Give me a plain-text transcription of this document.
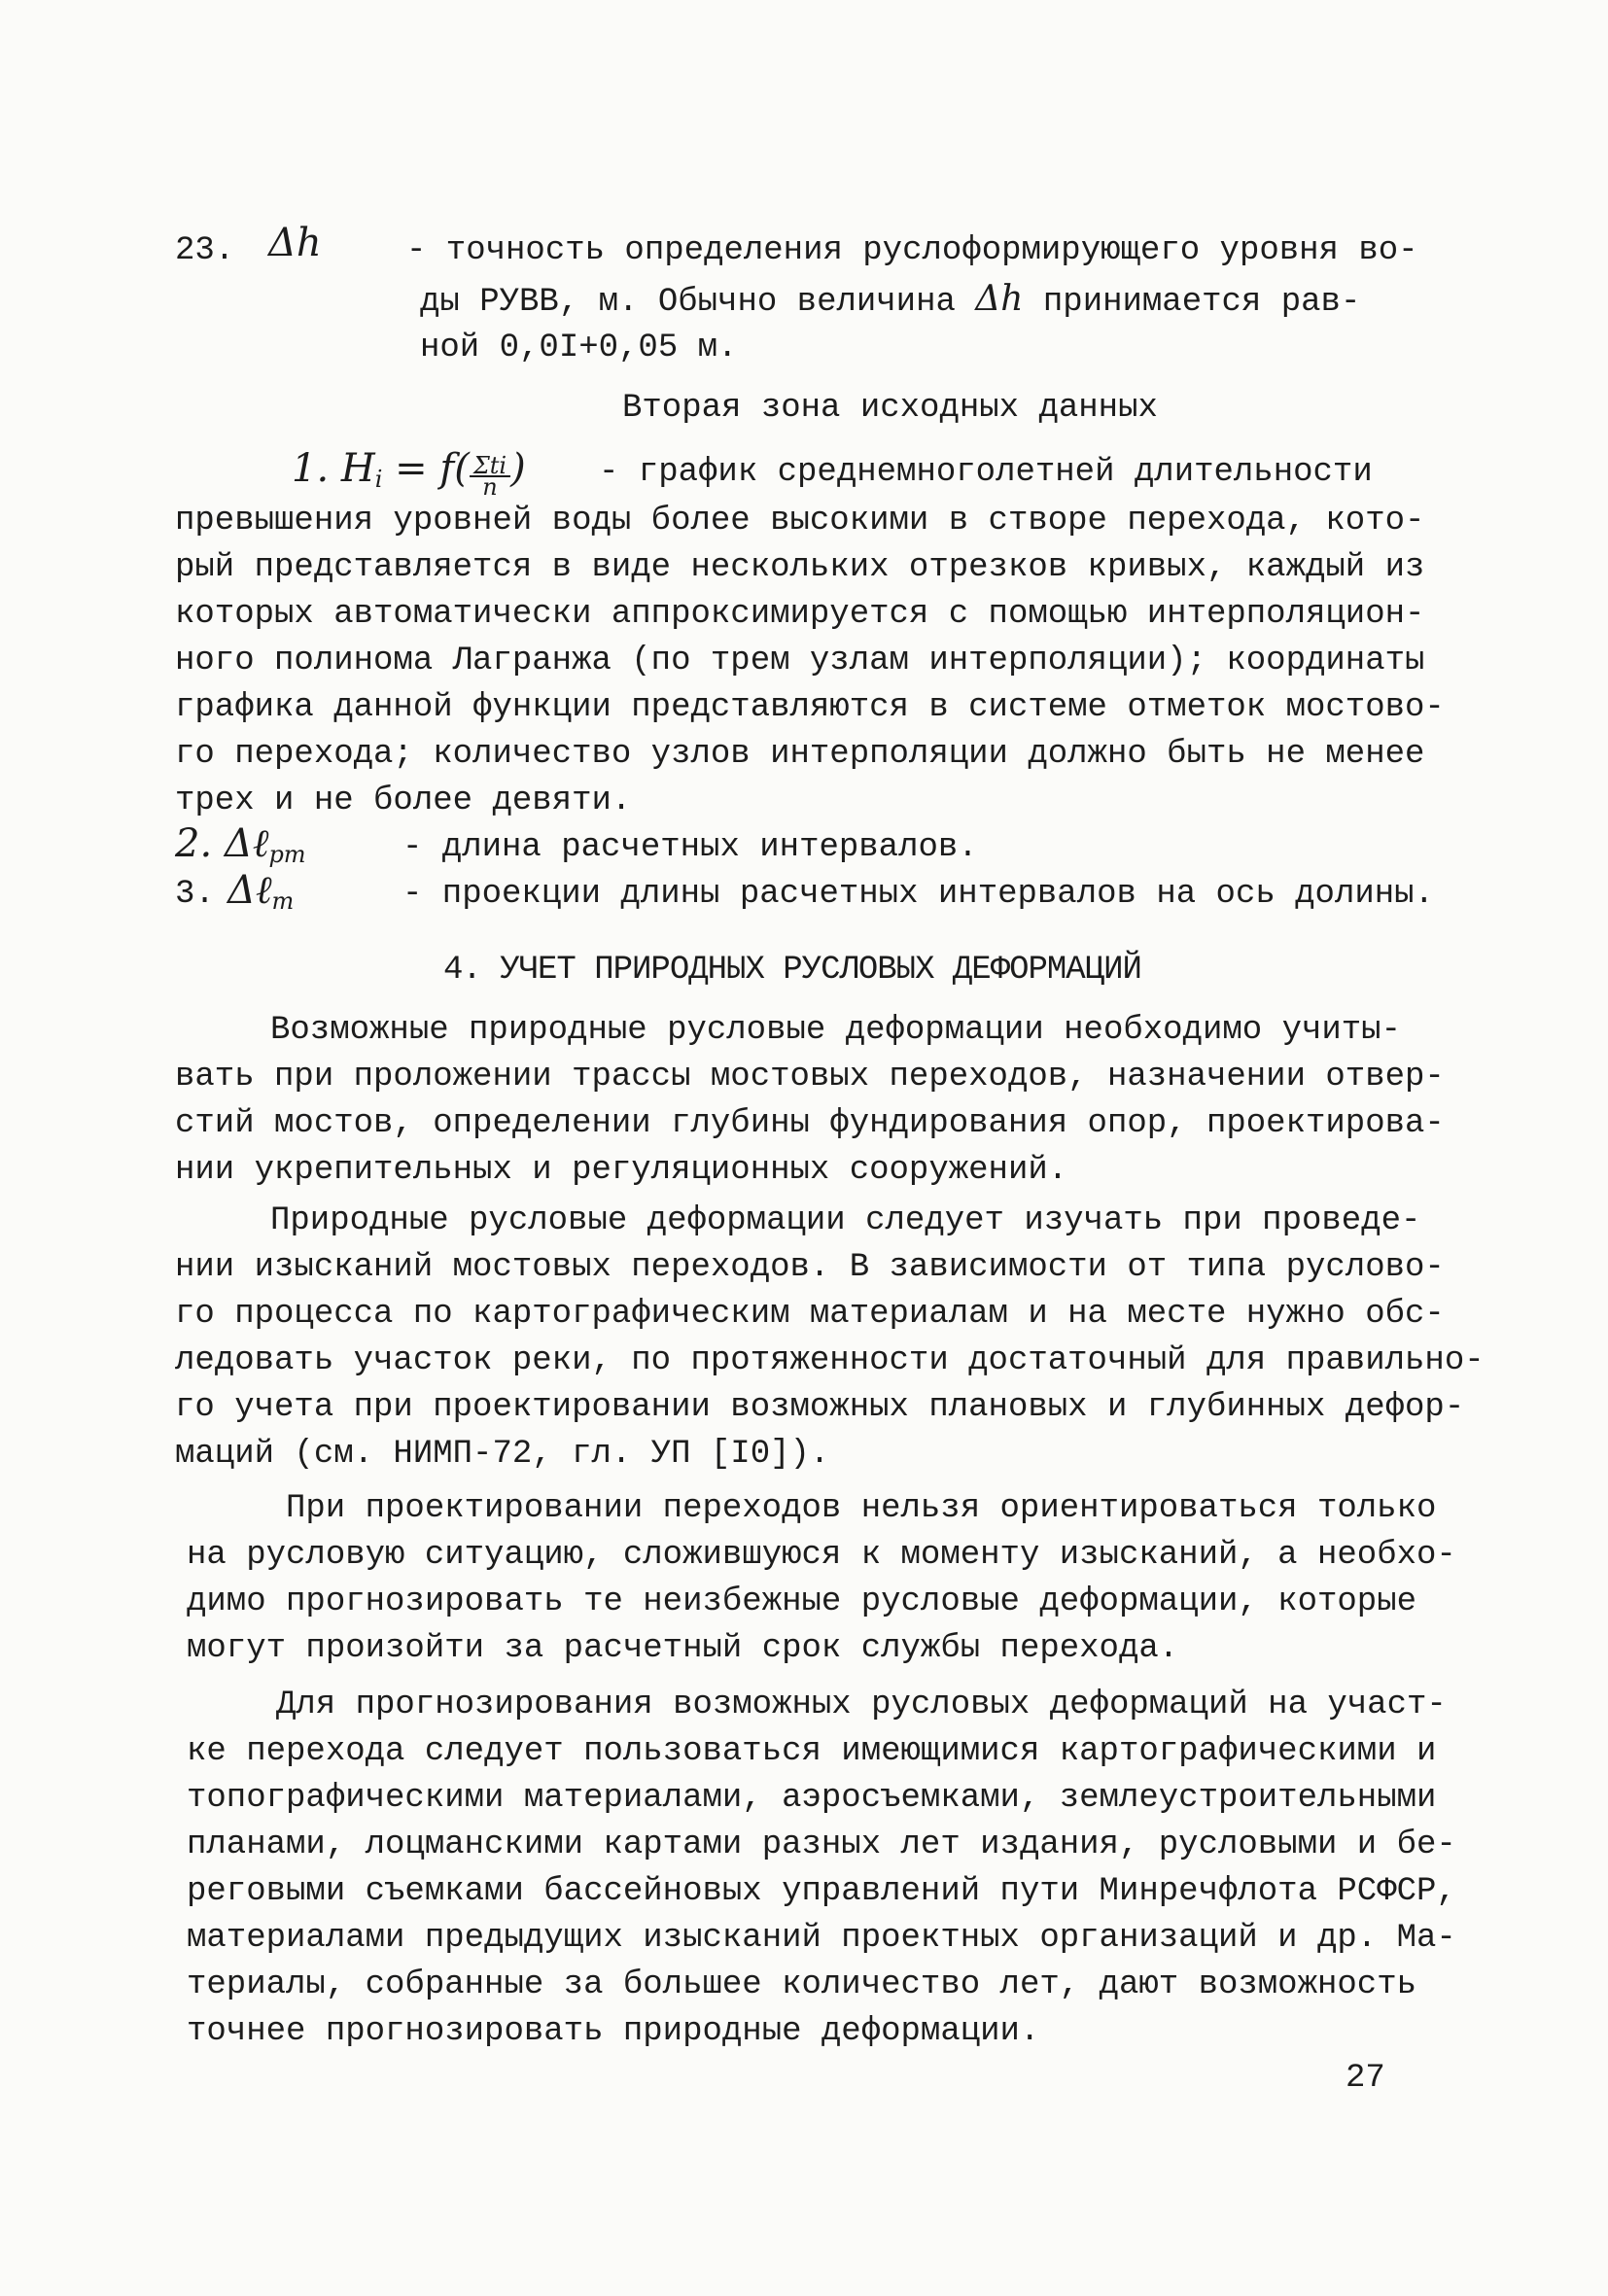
23. Δh	- точность определения руслоформирующего уровня во-

ды РУВВ, м. Обычно величина Δh принимается рав-

ной 0,0I+0,05 м.

Вторая зона исходных данных

1. $H_i = f( \frac{\text{Σti}}{n}$ ) - график среднемноголетней длительности

превышения уровней воды более высокими в створе перехода, кото-

рый представляется в виде нескольких отрезков кривых, каждый из

которых автоматически аппроксимируется с помощью интерполяцион-

ного полинома Лагранжа (по трем узлам интерполяции); координаты

графика данной функции представляются в системе отметок мостово-

го перехода; количество узлов интерполяции должно быть не менее

трех и не более девяти.

2. Δℓ$_{pm}$	- длина расчетных интервалов.

3. Δℓ$_m$	- проекции длины расчетных интервалов на ось долины.

4. УЧЕТ ПРИРОДНЫХ РУСЛОВЫХ ДЕФОРМАЦИЙ

Возможные природные русловые деформации необходимо учиты-

вать при проложении трассы мостовых переходов, назначении отвер-

стий мостов, определении глубины фундирования опор, проектирова-

нии укрепительных и регуляционных сооружений.

Природные русловые деформации следует изучать при проведе-

нии изысканий мостовых переходов. В зависимости от типа руслово-

го процесса по картографическим материалам и на месте нужно обс-

ледовать участок реки, по протяженности достаточный для правильно-

го учета при проектировании возможных плановых и глубинных дефор-

маций (см. НИМП-72, гл. УП [I0]).

При проектировании переходов нельзя ориентироваться только

на русловую ситуацию, сложившуюся к моменту изысканий, а необхо-

димо прогнозировать те неизбежные русловые деформации, которые

могут произойти за расчетный срок службы перехода.

Для прогнозирования возможных русловых деформаций на участ-

ке перехода следует пользоваться имеющимися картографическими и

топографическими материалами, аэросъемками, землеустроительными

планами, лоцманскими картами разных лет издания, русловыми и бе-

реговыми съемками бассейновых управлений пути Минречфлота РСФСР,

материалами предыдущих изысканий проектных организаций и др. Ма-

териалы, собранные за большее количество лет, дают возможность

точнее прогнозировать природные деформации.

27
